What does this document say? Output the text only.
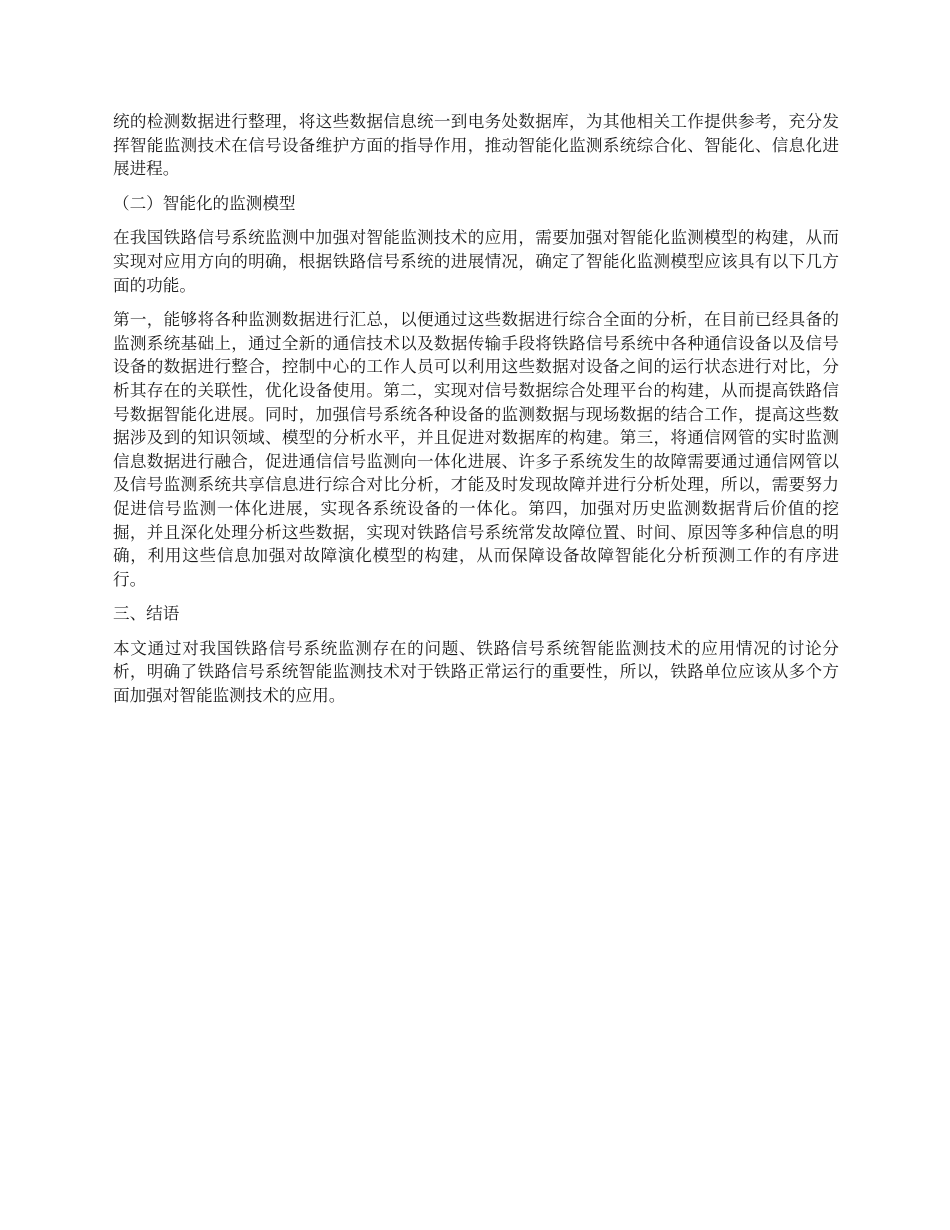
统的检测数据进行整理，将这些数据信息统一到电务处数据库，为其他相关工作提供参考，充分发挥智能监测技术在信号设备维护方面的指导作用，推动智能化监测系统综合化、智能化、信息化进展进程。

（二）智能化的监测模型

在我国铁路信号系统监测中加强对智能监测技术的应用，需要加强对智能化监测模型的构建，从而实现对应用方向的明确，根据铁路信号系统的进展情况，确定了智能化监测模型应该具有以下几方面的功能。

第一，能够将各种监测数据进行汇总，以便通过这些数据进行综合全面的分析，在目前已经具备的监测系统基础上，通过全新的通信技术以及数据传输手段将铁路信号系统中各种通信设备以及信号设备的数据进行整合，控制中心的工作人员可以利用这些数据对设备之间的运行状态进行对比，分析其存在的关联性，优化设备使用。第二，实现对信号数据综合处理平台的构建，从而提高铁路信号数据智能化进展。同时，加强信号系统各种设备的监测数据与现场数据的结合工作，提高这些数据涉及到的知识领域、模型的分析水平，并且促进对数据库的构建。第三，将通信网管的实时监测信息数据进行融合，促进通信信号监测向一体化进展、许多子系统发生的故障需要通过通信网管以及信号监测系统共享信息进行综合对比分析，才能及时发现故障并进行分析处理，所以，需要努力促进信号监测一体化进展，实现各系统设备的一体化。第四，加强对历史监测数据背后价值的挖掘，并且深化处理分析这些数据，实现对铁路信号系统常发故障位置、时间、原因等多种信息的明确，利用这些信息加强对故障演化模型的构建，从而保障设备故障智能化分析预测工作的有序进行。

三、结语

本文通过对我国铁路信号系统监测存在的问题、铁路信号系统智能监测技术的应用情况的讨论分析，明确了铁路信号系统智能监测技术对于铁路正常运行的重要性，所以，铁路单位应该从多个方面加强对智能监测技术的应用。
